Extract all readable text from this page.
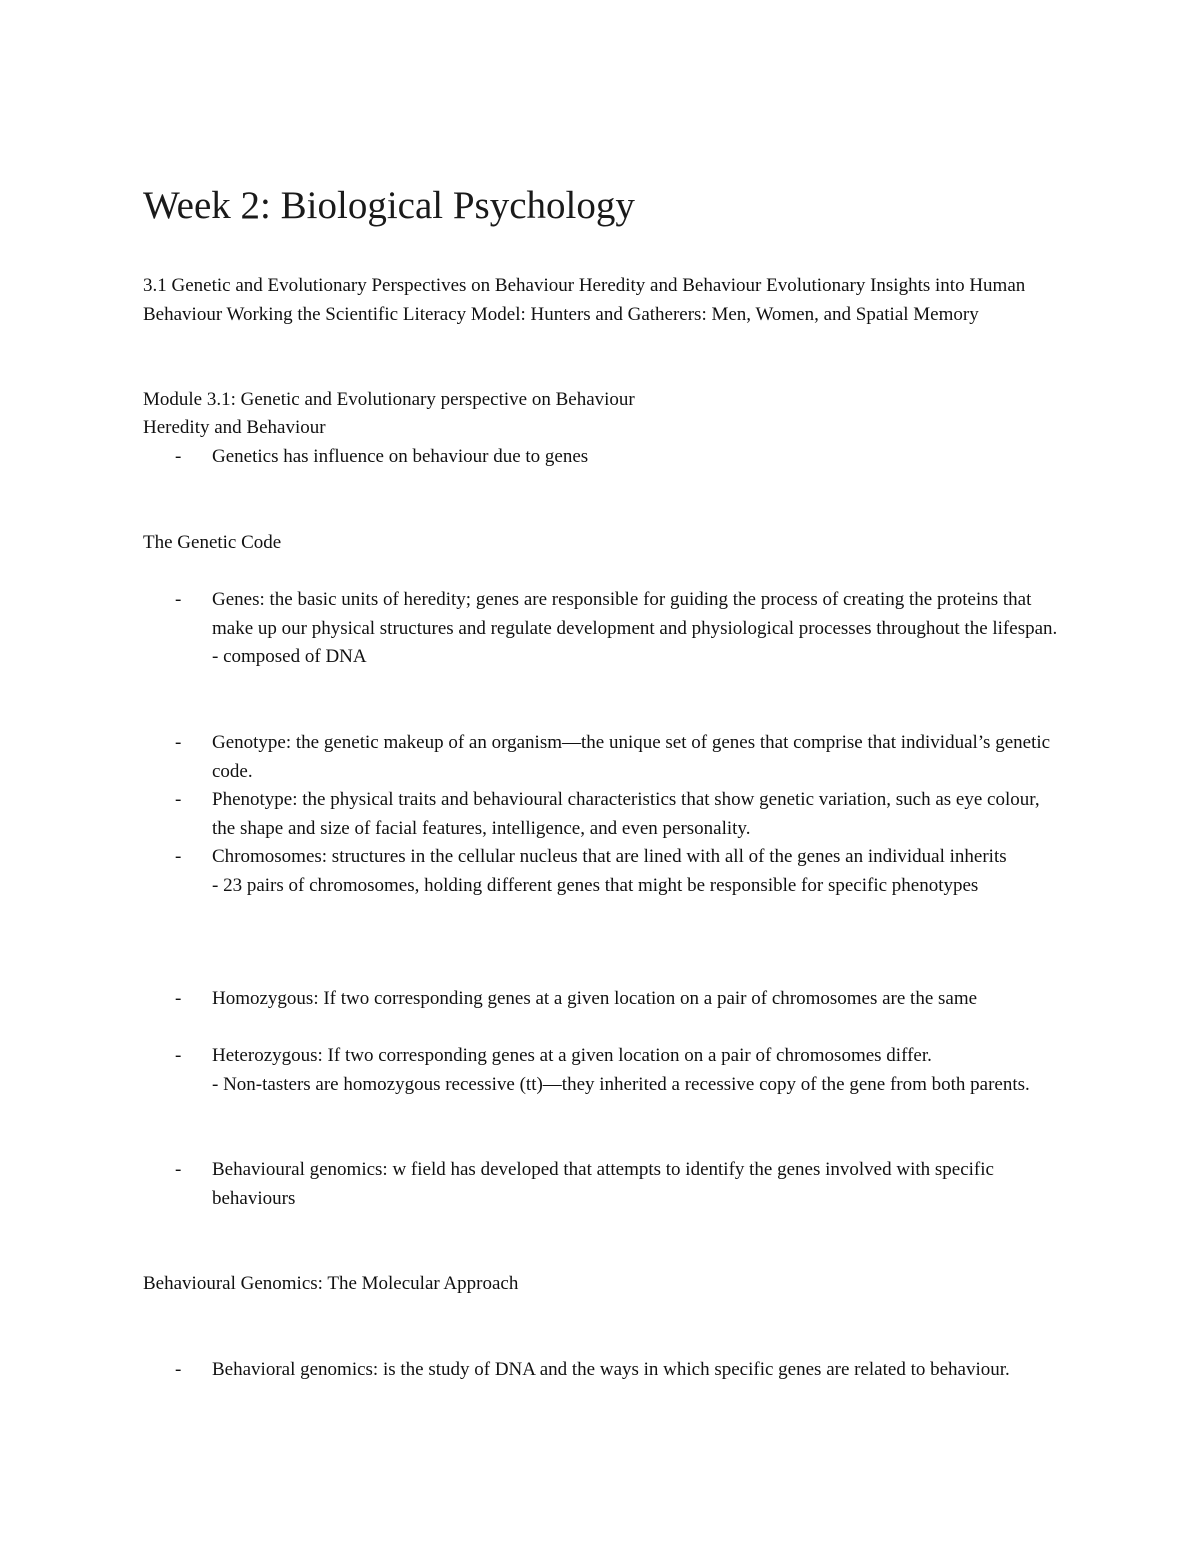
Week 2: Biological Psychology

3.1 Genetic and Evolutionary Perspectives on Behaviour Heredity and Behaviour Evolutionary Insights into Human Behaviour Working the Scientific Literacy Model: Hunters and Gatherers: Men, Women, and Spatial Memory

Module 3.1: Genetic and Evolutionary perspective on Behaviour

Heredity and Behaviour

-	Genetics has influence on behaviour due to genes

The Genetic Code

-	Genes: the basic units of heredity; genes are responsible for guiding the process of creating the proteins that make up our physical structures and regulate development and physiological processes throughout the lifespan.
- composed of DNA
-	Genotype: the genetic makeup of an organism—the unique set of genes that comprise that individual’s genetic code.
-	Phenotype: the physical traits and behavioural characteristics that show genetic variation, such as eye colour, the shape and size of facial features, intelligence, and even personality.
-	Chromosomes: structures in the cellular nucleus that are lined with all of the genes an individual inherits
- 23 pairs of chromosomes, holding different genes that might be responsible for specific phenotypes
-	Homozygous: If two corresponding genes at a given location on a pair of chromosomes are the same
-	Heterozygous: If two corresponding genes at a given location on a pair of chromosomes differ.
- Non-tasters are homozygous recessive (tt)—they inherited a recessive copy of the gene from both parents.
-	Behavioural genomics: w field has developed that attempts to identify the genes involved with specific behaviours

Behavioural Genomics: The Molecular Approach

-	Behavioral genomics: is the study of DNA and the ways in which specific genes are related to behaviour.
